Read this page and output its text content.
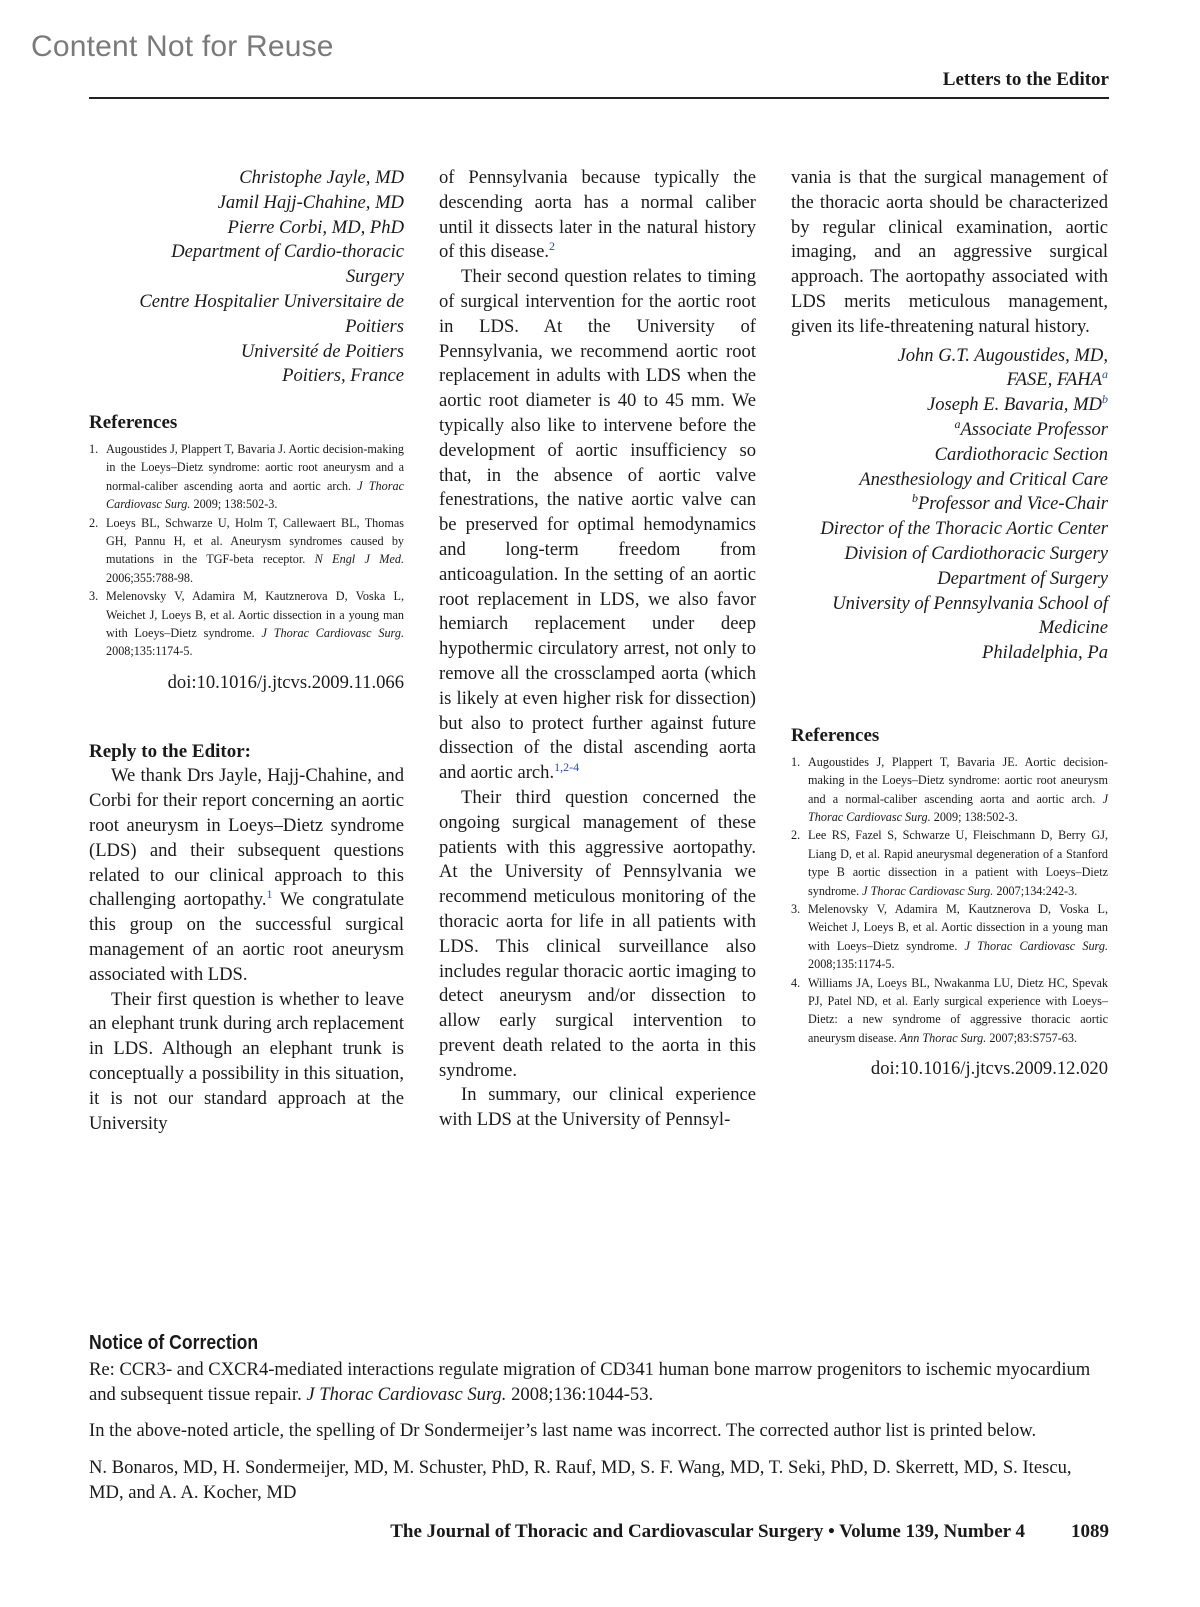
Content Not for Reuse
Letters to the Editor
Christophe Jayle, MD
Jamil Hajj-Chahine, MD
Pierre Corbi, MD, PhD
Department of Cardio-thoracic
Surgery
Centre Hospitalier Universitaire de
Poitiers
Université de Poitiers
Poitiers, France
References
1. Augoustides J, Plappert T, Bavaria J. Aortic decision-making in the Loeys–Dietz syndrome: aortic root aneurysm and a normal-caliber ascending aorta and aortic arch. J Thorac Cardiovasc Surg. 2009; 138:502-3.
2. Loeys BL, Schwarze U, Holm T, Callewaert BL, Thomas GH, Pannu H, et al. Aneurysm syndromes caused by mutations in the TGF-beta receptor. N Engl J Med. 2006;355:788-98.
3. Melenovsky V, Adamira M, Kautznerova D, Voska L, Weichet J, Loeys B, et al. Aortic dissection in a young man with Loeys–Dietz syndrome. J Thorac Cardiovasc Surg. 2008;135:1174-5.
doi:10.1016/j.jtcvs.2009.11.066
Reply to the Editor:

We thank Drs Jayle, Hajj-Chahine, and Corbi for their report concerning an aortic root aneurysm in Loeys–Dietz syndrome (LDS) and their subsequent questions related to our clinical approach to this challenging aortopathy.$^1$ We congratulate this group on the successful surgical management of an aortic root aneurysm associated with LDS.

Their first question is whether to leave an elephant trunk during arch replacement in LDS. Although an elephant trunk is conceptually a possibility in this situation, it is not our standard approach at the University

of Pennsylvania because typically the descending aorta has a normal caliber until it dissects later in the natural history of this disease.$^2$

Their second question relates to timing of surgical intervention for the aortic root in LDS. At the University of Pennsylvania, we recommend aortic root replacement in adults with LDS when the aortic root diameter is 40 to 45 mm. We typically also like to intervene before the development of aortic insufficiency so that, in the absence of aortic valve fenestrations, the native aortic valve can be preserved for optimal hemodynamics and long-term freedom from anticoagulation. In the setting of an aortic root replacement in LDS, we also favor hemiarch replacement under deep hypothermic circulatory arrest, not only to remove all the crossclamped aorta (which is likely at even higher risk for dissection) but also to protect further against future dissection of the distal ascending aorta and aortic arch.$^{1,2-4}$

Their third question concerned the ongoing surgical management of these patients with this aggressive aortopathy. At the University of Pennsylvania we recommend meticulous monitoring of the thoracic aorta for life in all patients with LDS. This clinical surveillance also includes regular thoracic aortic imaging to detect aneurysm and/or dissection to allow early surgical intervention to prevent death related to the aorta in this syndrome.

In summary, our clinical experience with LDS at the University of Pennsyl-

vania is that the surgical management of the thoracic aorta should be characterized by regular clinical examination, aortic imaging, and an aggressive surgical approach. The aortopathy associated with LDS merits meticulous management, given its life-threatening natural history.

John G.T. Augoustides, MD,
FASE, FAHA$^a$
Joseph E. Bavaria, $MD^b$
$^a$Associate Professor
Cardiothoracic Section
Anesthesiology and Critical Care
$^b$Professor and Vice-Chair
Director of the Thoracic Aortic Center
Division of Cardiothoracic Surgery
Department of Surgery
University of Pennsylvania School of
Medicine
Philadelphia, Pa
References
1. Augoustides J, Plappert T, Bavaria JE. Aortic decision-making in the Loeys–Dietz syndrome: aortic root aneurysm and a normal-caliber ascending aorta and aortic arch. J Thorac Cardiovasc Surg. 2009; 138:502-3.
2. Lee RS, Fazel S, Schwarze U, Fleischmann D, Berry GJ, Liang D, et al. Rapid aneurysmal degeneration of a Stanford type B aortic dissection in a patient with Loeys–Dietz syndrome. J Thorac Cardiovasc Surg. 2007;134:242-3.
3. Melenovsky V, Adamira M, Kautznerova D, Voska L, Weichet J, Loeys B, et al. Aortic dissection in a young man with Loeys–Dietz syndrome. J Thorac Cardiovasc Surg. 2008;135:1174-5.
4. Williams JA, Loeys BL, Nwakanma LU, Dietz HC, Spevak PJ, Patel ND, et al. Early surgical experience with Loeys–Dietz: a new syndrome of aggressive thoracic aortic aneurysm disease. Ann Thorac Surg. 2007;83:S757-63.
doi:10.1016/j.jtcvs.2009.12.020
Notice of Correction

Re: CCR3- and CXCR4-mediated interactions regulate migration of CD341 human bone marrow progenitors to ischemic myocardium and subsequent tissue repair. J Thorac Cardiovasc Surg. 2008;136:1044-53.

In the above-noted article, the spelling of Dr Sondermeijer’s last name was incorrect. The corrected author list is printed below.

N. Bonaros, MD, H. Sondermeijer, MD, M. Schuster, PhD, R. Rauf, MD, S. F. Wang, MD, T. Seki, PhD, D. Skerrett, MD, S. Itescu, MD, and A. A. Kocher, MD

The Journal of Thoracic and Cardiovascular Surgery • Volume 139, Number 4 1089
